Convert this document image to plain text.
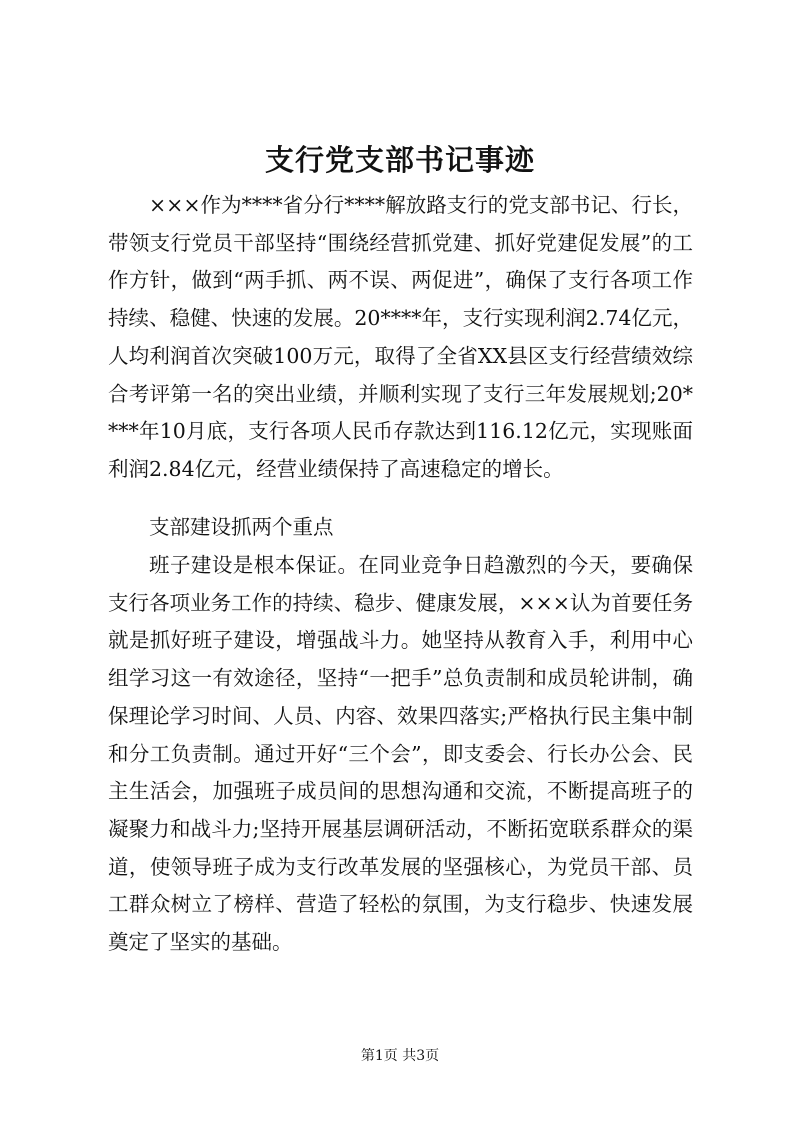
支行党支部书记事迹

×××作为****省分行****解放路支行的党支部书记、行长，带领支行党员干部坚持“围绕经营抓党建、抓好党建促发展”的工作方针，做到“两手抓、两不误、两促进”，确保了支行各项工作持续、稳健、快速的发展。20****年，支行实现利润2.74亿元，人均利润首次突破100万元，取得了全省XX县区支行经营绩效综合考评第一名的突出业绩，并顺利实现了支行三年发展规划;20****年10月底，支行各项人民币存款达到116.12亿元，实现账面利润2.84亿元，经营业绩保持了高速稳定的增长。

支部建设抓两个重点

班子建设是根本保证。在同业竞争日趋激烈的今天，要确保支行各项业务工作的持续、稳步、健康发展，×××认为首要任务就是抓好班子建设，增强战斗力。她坚持从教育入手，利用中心组学习这一有效途径，坚持“一把手”总负责制和成员轮讲制，确保理论学习时间、人员、内容、效果四落实;严格执行民主集中制和分工负责制。通过开好“三个会”，即支委会、行长办公会、民主生活会，加强班子成员间的思想沟通和交流，不断提高班子的凝聚力和战斗力;坚持开展基层调研活动，不断拓宽联系群众的渠道，使领导班子成为支行改革发展的坚强核心，为党员干部、员工群众树立了榜样、营造了轻松的氛围，为支行稳步、快速发展奠定了坚实的基础。

第1页 共3页
